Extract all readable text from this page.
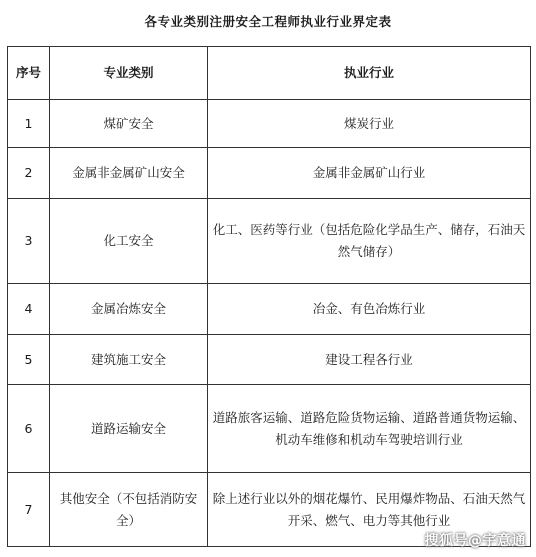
各专业类别注册安全工程师执业行业界定表
序号	专业类别	执业行业
1	煤矿安全	煤炭行业
2	金属非金属矿山安全	金属非金属矿山行业
3	化工安全	化工、医药等行业（包括危险化学品生产、储存，石油天然气储存）
4	金属冶炼安全	冶金、有色冶炼行业
5	建筑施工安全	建设工程各行业
6	道路运输安全	道路旅客运输、道路危险货物运输、道路普通货物运输、机动车维修和机动车驾驶培训行业
7	其他安全（不包括消防安全）	除上述行业以外的烟花爆竹、民用爆炸物品、石油天然气开采、燃气、电力等其他行业
搜狐号@宇意通
